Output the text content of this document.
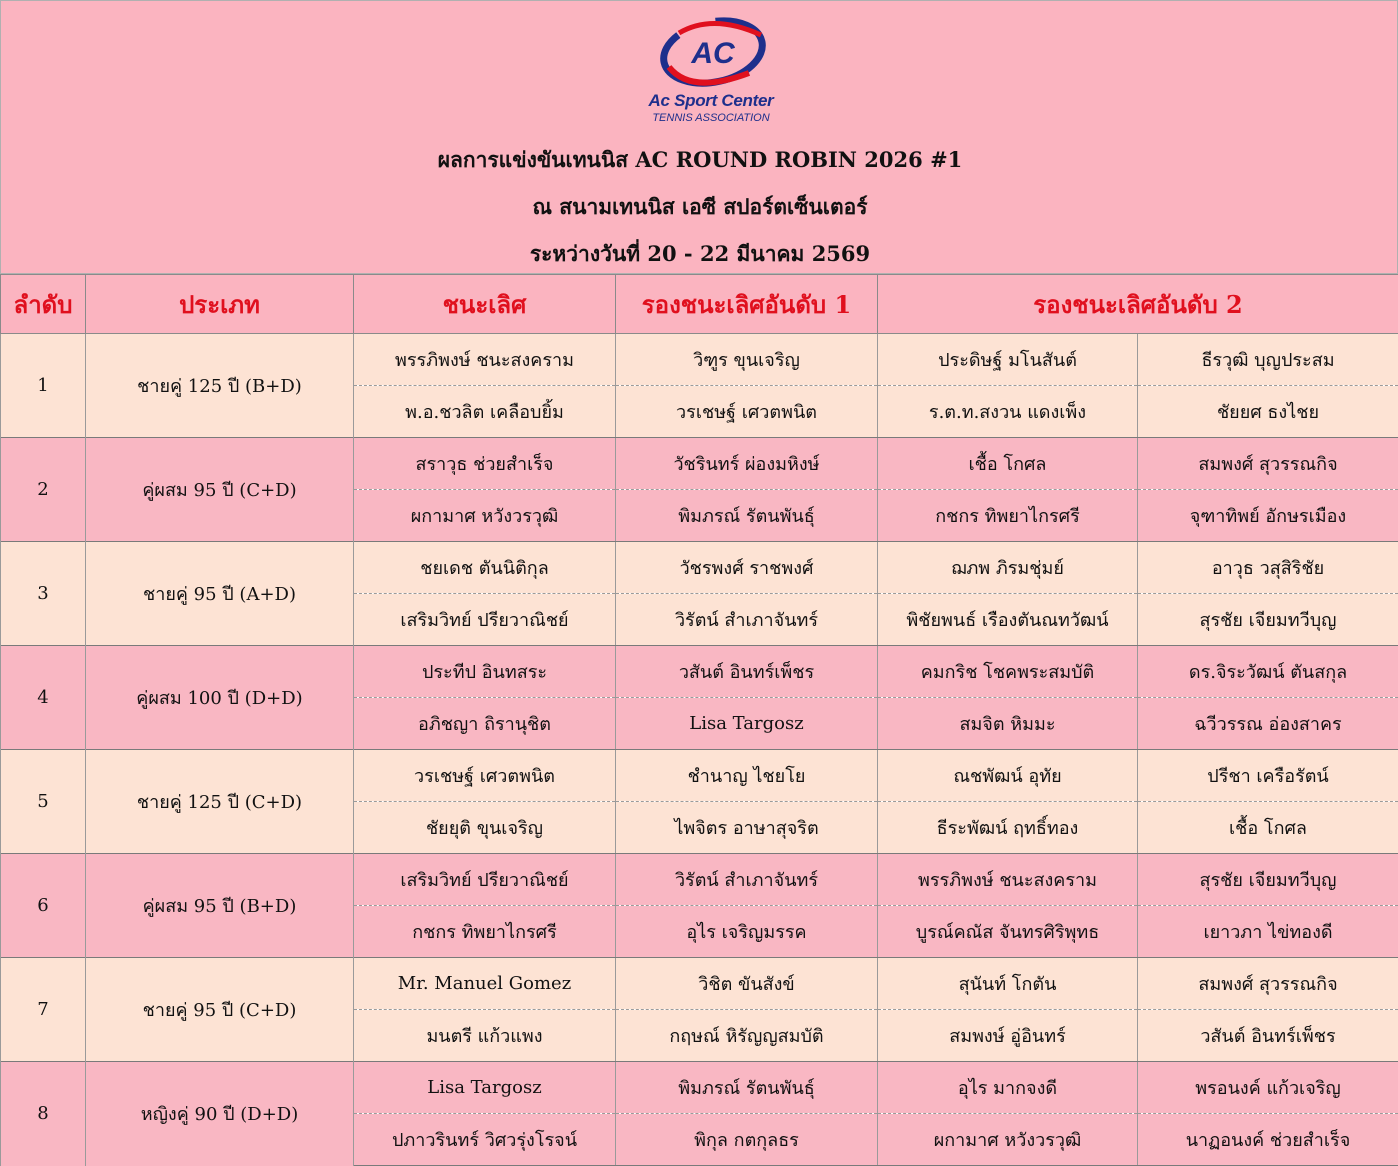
AC
Ac Sport Center
TENNIS ASSOCIATION
ผลการแข่งขันเทนนิส AC ROUND ROBIN 2026 #1
ณ สนามเทนนิส เอซี สปอร์ตเซ็นเตอร์
ระหว่างวันที่ 20 - 22 มีนาคม 2569
ลำดับ	ประเภท	ชนะเลิศ	รองชนะเลิศอันดับ 1	รองชนะเลิศอันดับ 2	
1	ชายคู่ 125 ปี (B+D)	พรรภิพงษ์ ชนะสงคราม	วิฑูร ขุนเจริญ	ประดิษฐ์ มโนสันต์	ธีรวุฒิ บุญประสม
		พ.อ.ชวลิต เคลือบยิ้ม	วรเชษฐ์ เศวตพนิต	ร.ต.ท.สงวน แดงเพ็ง	ชัยยศ ธงไชย
2	คู่ผสม 95 ปี (C+D)	สราวุธ ช่วยสำเร็จ	วัชรินทร์ ผ่องมหิงษ์	เชื้อ โกศล	สมพงศ์ สุวรรณกิจ
		ผกามาศ หวังวรวุฒิ	พิมภรณ์ รัตนพันธุ์	กชกร ทิพยาไกรศรี	จุฑาทิพย์ อักษรเมือง
3	ชายคู่ 95 ปี (A+D)	ชยเดช ตันนิติกุล	วัชรพงศ์ ราชพงศ์	ฌภพ ภิรมชุ่มย์	อาวุธ วสุสิริชัย
		เสริมวิทย์ ปรียวาณิชย์	วิรัตน์ สำเภาจันทร์	พิชัยพนธ์ เรืองตันณทวัฒน์	สุรชัย เจียมทวีบุญ
4	คู่ผสม 100 ปี (D+D)	ประทีป อินทสระ	วสันต์ อินทร์เพ็ชร	คมกริช โชคพระสมบัติ	ดร.จิระวัฒน์ ตันสกุล
		อภิชญา ถิรานุชิต	Lisa Targosz	สมจิต หิมมะ	ฉวีวรรณ อ่องสาคร
5	ชายคู่ 125 ปี (C+D)	วรเชษฐ์ เศวตพนิต	ชำนาญ ไชยโย	ณชพัฒน์ อุทัย	ปรีชา เครือรัตน์
		ชัยยุติ ขุนเจริญ	ไพจิตร อาษาสุจริต	ธีระพัฒน์ ฤทธิ์ทอง	เชื้อ โกศล
6	คู่ผสม 95 ปี (B+D)	เสริมวิทย์ ปรียวาณิชย์	วิรัตน์ สำเภาจันทร์	พรรภิพงษ์ ชนะสงคราม	สุรชัย เจียมทวีบุญ
		กชกร ทิพยาไกรศรี	อุไร เจริญมรรค	บูรณ์คณัส จันทรศิริพุทธ	เยาวภา ไข่ทองดี
7	ชายคู่ 95 ปี (C+D)	Mr. Manuel Gomez	วิชิต ขันสังข์	สุนันท์ โกตัน	สมพงศ์ สุวรรณกิจ
		มนตรี แก้วแพง	กฤษณ์ หิรัญญสมบัติ	สมพงษ์ อู่อินทร์	วสันต์ อินทร์เพ็ชร
8	หญิงคู่ 90 ปี (D+D)	Lisa Targosz	พิมภรณ์ รัตนพันธุ์	อุไร มากจงดี	พรอนงค์ แก้วเจริญ
		ปภาวรินทร์ วิศวรุ่งโรจน์	พิกุล กตกุลธร	ผกามาศ หวังวรวุฒิ	นาฏอนงค์ ช่วยสำเร็จ
